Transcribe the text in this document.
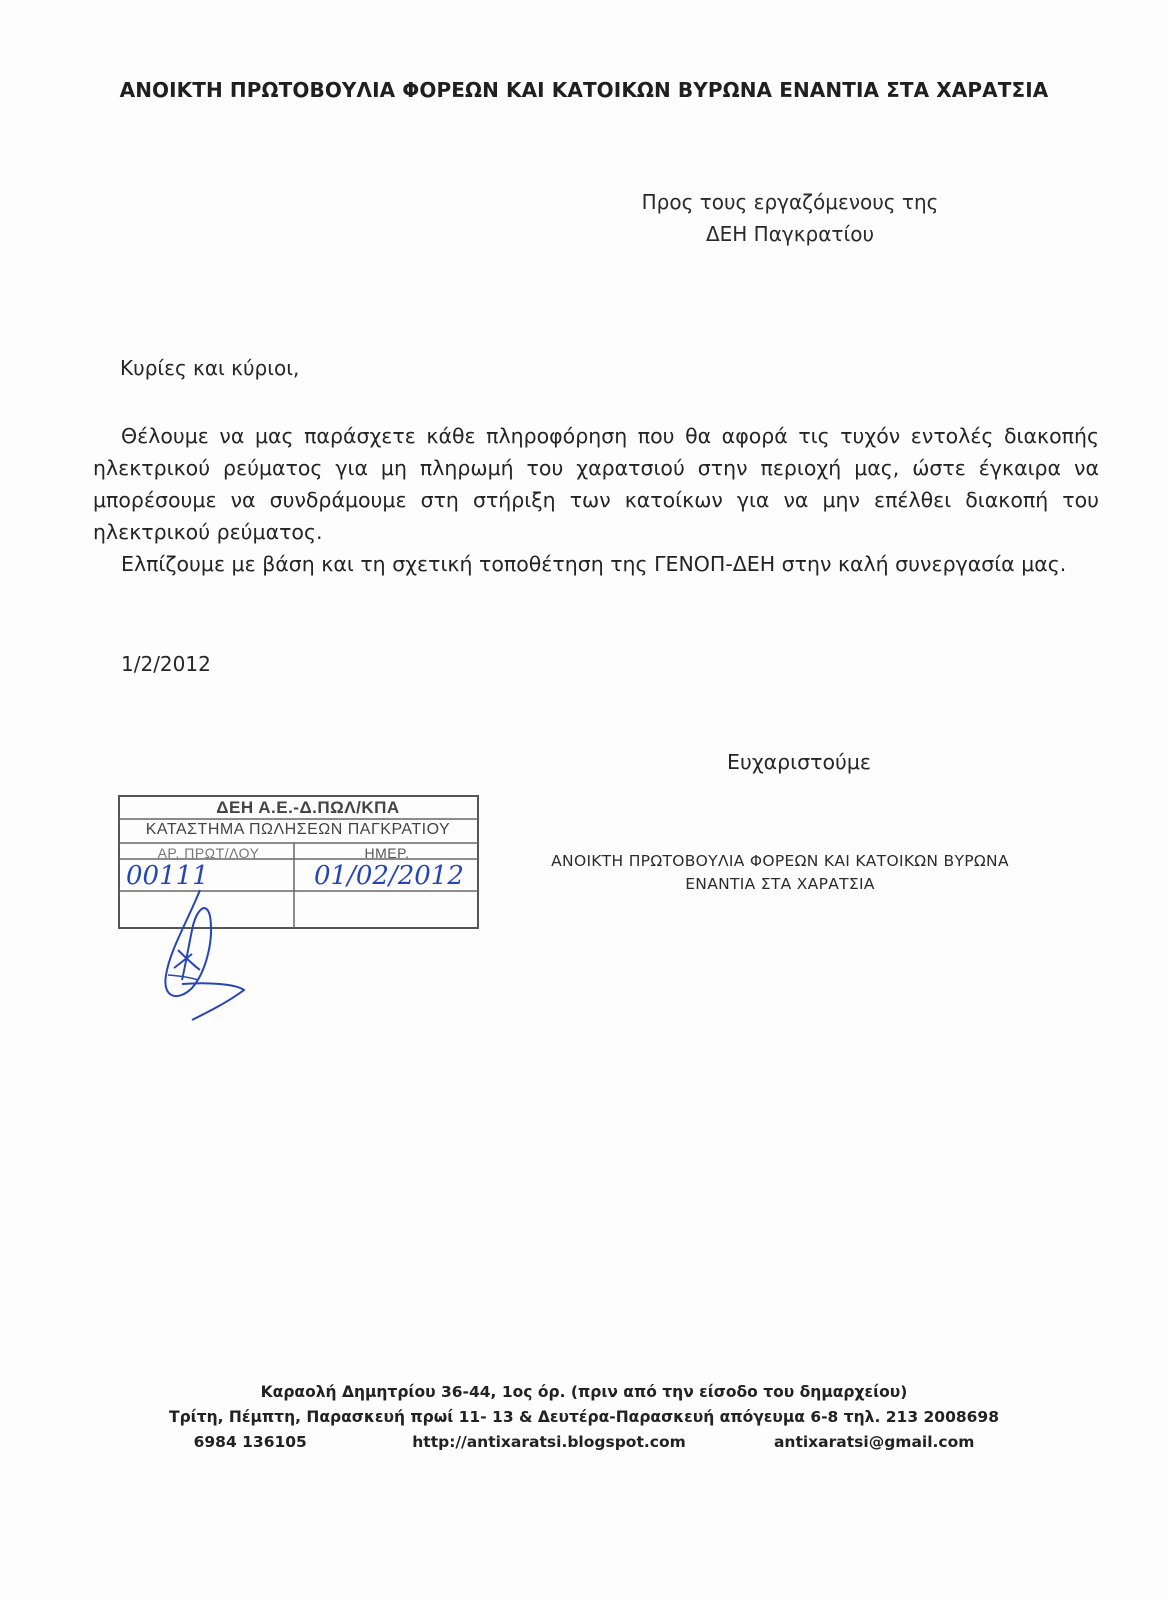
ΑΝΟΙΚΤΗ ΠΡΩΤΟΒΟΥΛΙΑ ΦΟΡΕΩΝ ΚΑΙ ΚΑΤΟΙΚΩΝ ΒΥΡΩΝΑ ΕΝΑΝΤΙΑ ΣΤΑ ΧΑΡΑΤΣΙΑ
Προς τους εργαζόμενους της
ΔΕΗ Παγκρατίου
Κυρίες και κύριοι,

Θέλουμε να μας παράσχετε κάθε πληροφόρηση που θα αφορά τις τυχόν εντολές διακοπής ηλεκτρικού ρεύματος για μη πληρωμή του χαρατσιού στην περιοχή μας, ώστε έγκαιρα να μπορέσουμε να συνδράμουμε στη στήριξη των κατοίκων για να μην επέλθει διακοπή του ηλεκτρικού ρεύματος.

Ελπίζουμε με βάση και τη σχετική τοποθέτηση της ΓΕΝΟΠ-ΔΕΗ στην καλή συνεργασία μας.

1/2/2012
Ευχαριστούμε
ΔΕΗ Α.Ε.-Δ.ΠΩΛ/ΚΠΑ
ΚΑΤΑΣΤΗΜΑ ΠΩΛΗΣΕΩΝ ΠΑΓΚΡΑΤΙΟΥ
ΑΡ. ΠΡΩΤ/ΛΟΥ	ΗΜΕΡ.
00111	01/02/2012	ΑΝΟΙΚΤΗ ΠΡΩΤΟΒΟΥΛΙΑ ΦΟΡΕΩΝ ΚΑΙ ΚΑΤΟΙΚΩΝ ΒΥΡΩΝΑ
ΕΝΑΝΤΙΑ ΣΤΑ ΧΑΡΑΤΣΙΑ
Καραολή Δημητρίου 36-44, 1ος όρ. (πριν από την είσοδο του δημαρχείου)
Τρίτη, Πέμπτη, Παρασκευή πρωί 11- 13 & Δευτέρα-Παρασκευή απόγευμα 6-8 τηλ. 213 2008698
6984 136105	http://antixaratsi.blogspot.com	antixaratsi@gmail.com
